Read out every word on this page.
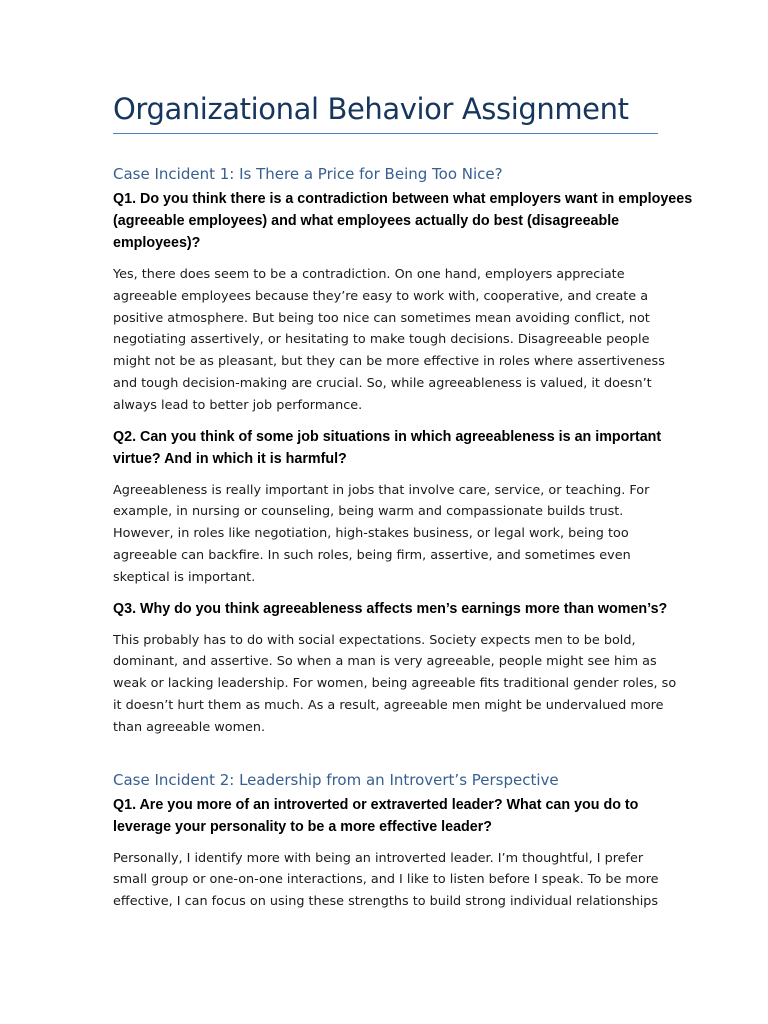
Organizational Behavior Assignment
Case Incident 1: Is There a Price for Being Too Nice?

Q1. Do you think there is a contradiction between what employers want in employees
(agreeable employees) and what employees actually do best (disagreeable
employees)?

Yes, there does seem to be a contradiction. On one hand, employers appreciate
agreeable employees because they’re easy to work with, cooperative, and create a
positive atmosphere. But being too nice can sometimes mean avoiding conflict, not
negotiating assertively, or hesitating to make tough decisions. Disagreeable people
might not be as pleasant, but they can be more effective in roles where assertiveness
and tough decision-making are crucial. So, while agreeableness is valued, it doesn’t
always lead to better job performance.

Q2. Can you think of some job situations in which agreeableness is an important
virtue? And in which it is harmful?

Agreeableness is really important in jobs that involve care, service, or teaching. For
example, in nursing or counseling, being warm and compassionate builds trust.
However, in roles like negotiation, high-stakes business, or legal work, being too
agreeable can backfire. In such roles, being firm, assertive, and sometimes even
skeptical is important.

Q3. Why do you think agreeableness affects men’s earnings more than women’s?

This probably has to do with social expectations. Society expects men to be bold,
dominant, and assertive. So when a man is very agreeable, people might see him as
weak or lacking leadership. For women, being agreeable fits traditional gender roles, so
it doesn’t hurt them as much. As a result, agreeable men might be undervalued more
than agreeable women.

Case Incident 2: Leadership from an Introvert’s Perspective

Q1. Are you more of an introverted or extraverted leader? What can you do to
leverage your personality to be a more effective leader?

Personally, I identify more with being an introverted leader. I’m thoughtful, I prefer
small group or one-on-one interactions, and I like to listen before I speak. To be more
effective, I can focus on using these strengths to build strong individual relationships
